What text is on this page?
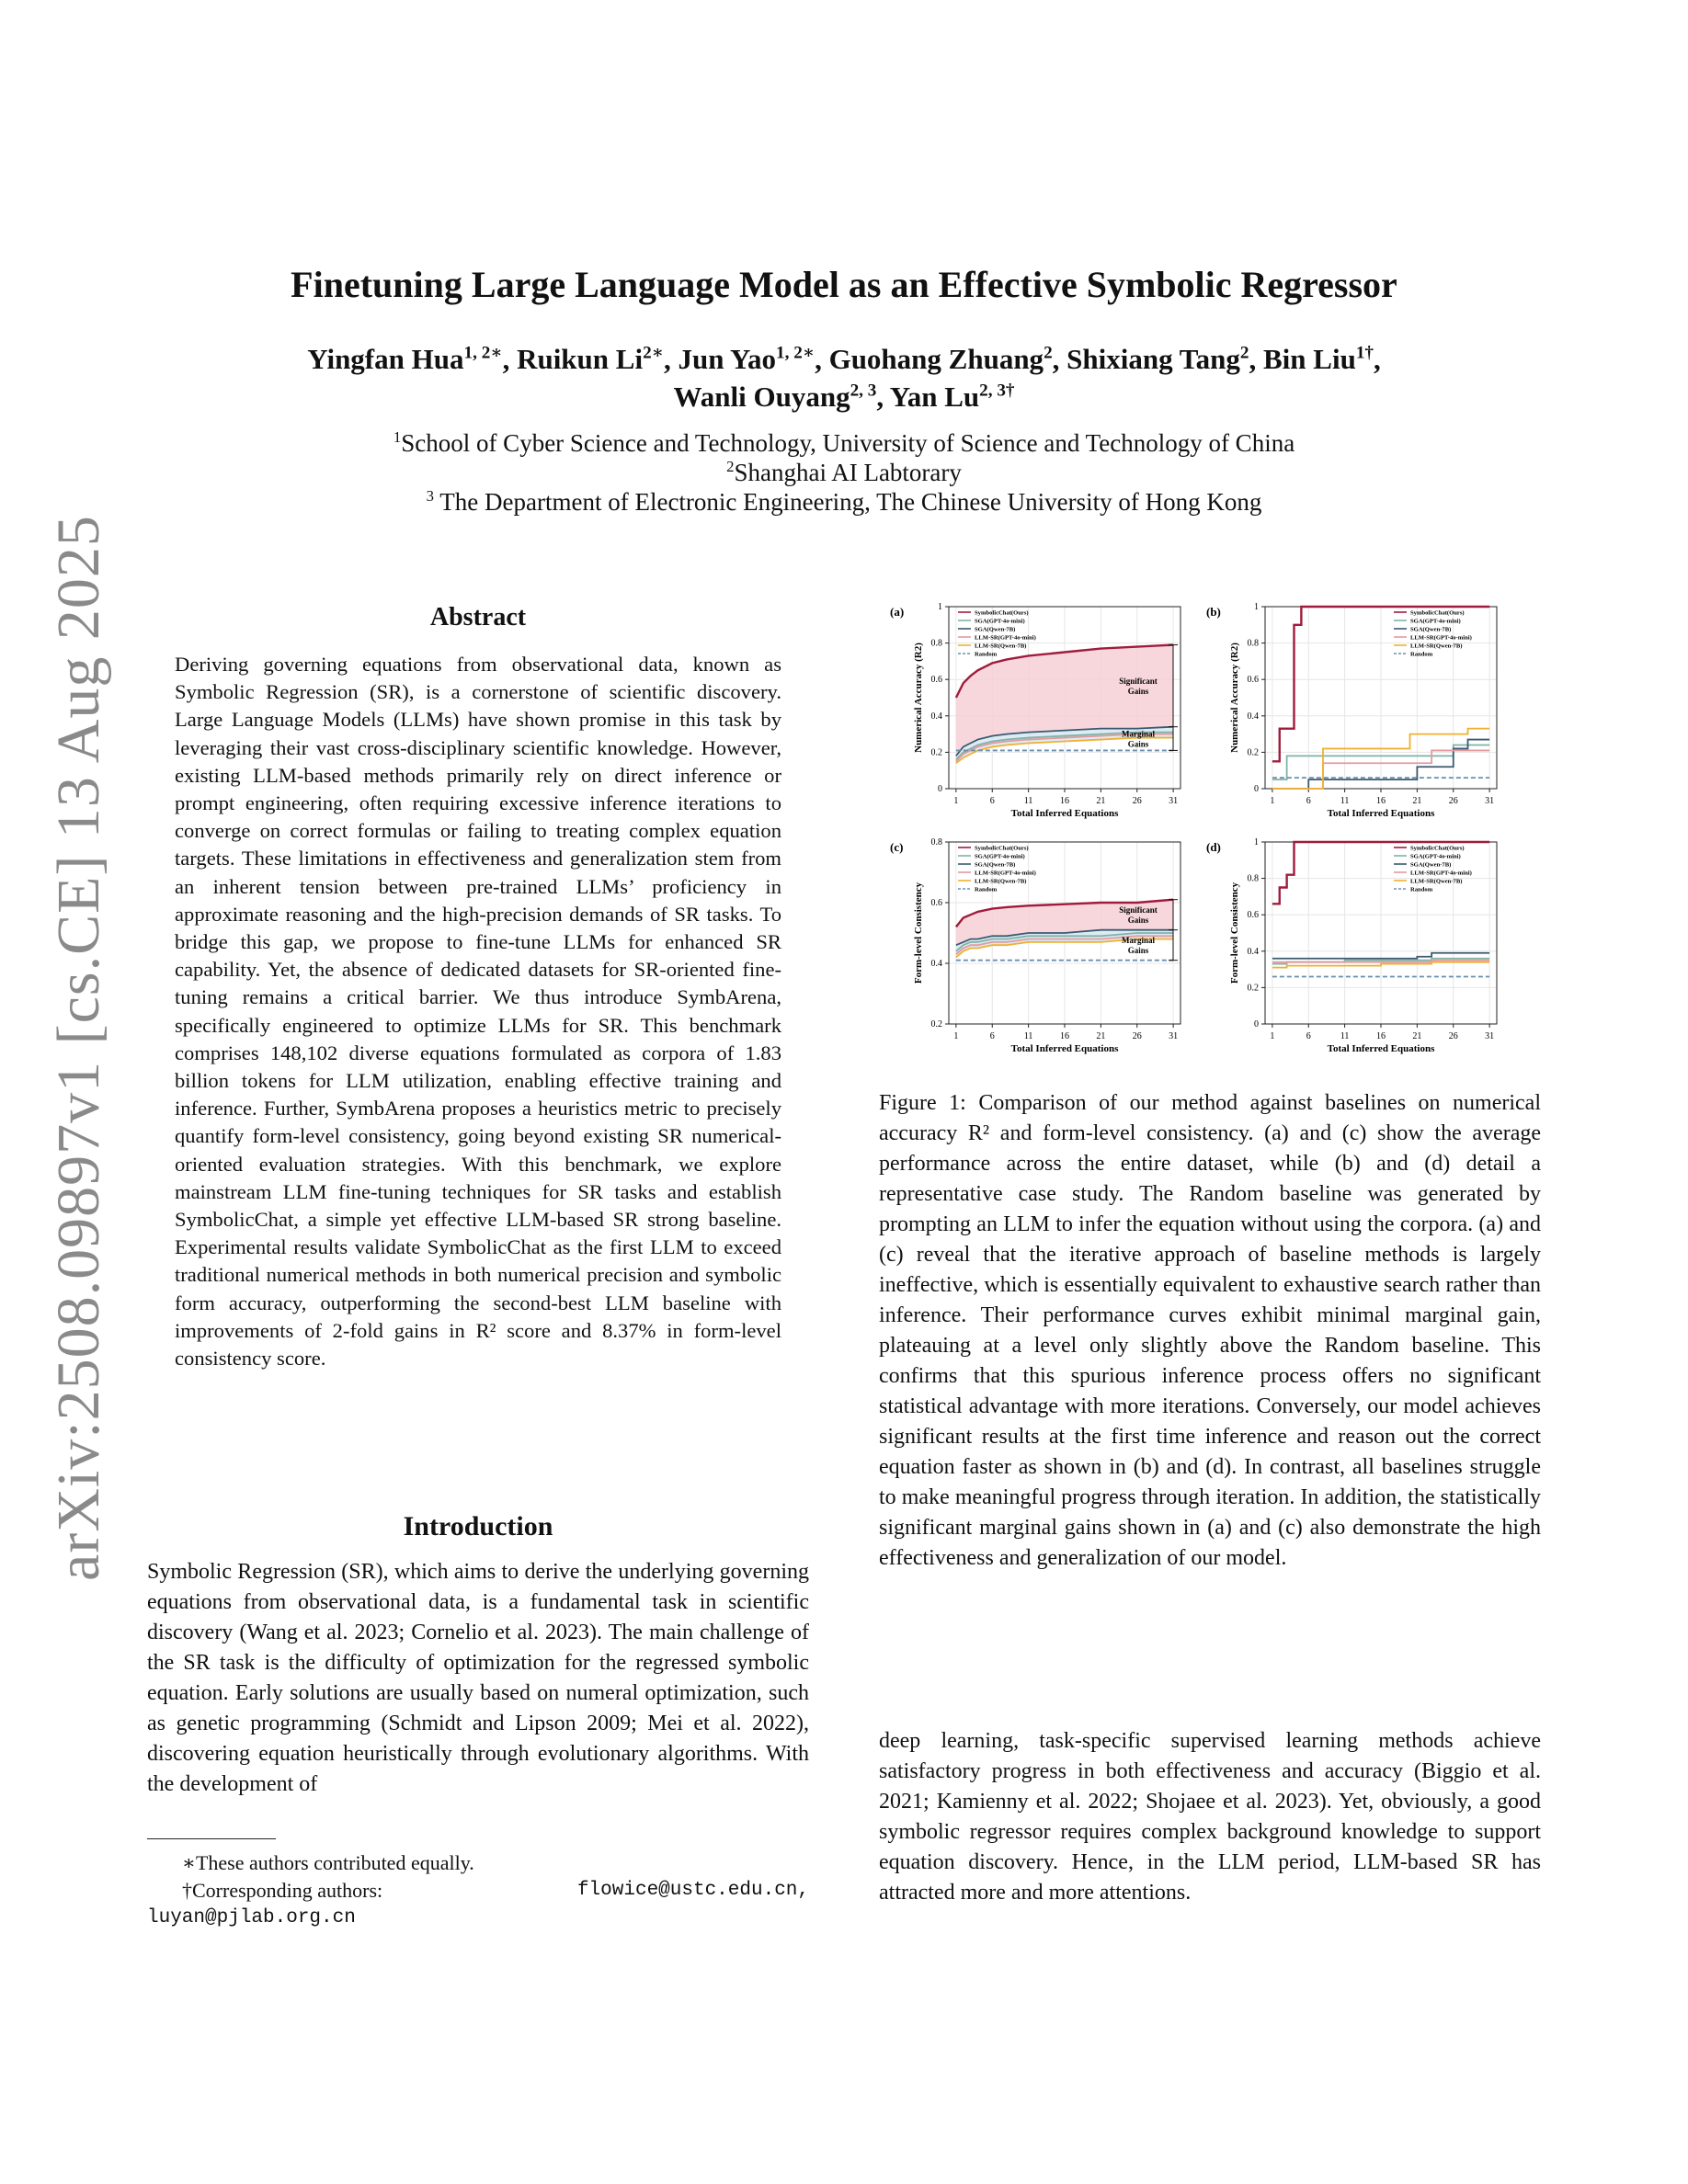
arXiv:2508.09897v1 [cs.CE] 13 Aug 2025
Finetuning Large Language Model as an Effective Symbolic Regressor
Yingfan Hua$^{1, 2∗}$, Ruikun $Li^{2∗}$, Jun Yao$^{1, 2∗}$, Guohang Zhuang$^2$, Shixiang Tang$^2$, Bin Liu$^{1\dagger}$,
Wanli Ouyang$^{2, 3}$, Yan $Lu^{2, 3\dagger}$
$^1$School of Cyber Science and Technology, University of Science and Technology of China
$^2$Shanghai AI Labtorary
$^3$ The Department of Electronic Engineering, The Chinese University of Hong Kong
Abstract

Deriving governing equations from observational data, known as Symbolic Regression (SR), is a cornerstone of scientific discovery. Large Language Models (LLMs) have shown promise in this task by leveraging their vast cross-disciplinary scientific knowledge. However, existing LLM-based methods primarily rely on direct inference or prompt engineering, often requiring excessive inference iterations to converge on correct formulas or failing to treating complex equation targets. These limitations in effectiveness and generalization stem from an inherent tension between pre-trained LLMs’ proficiency in approximate reasoning and the high-precision demands of SR tasks. To bridge this gap, we propose to fine-tune LLMs for enhanced SR capability. Yet, the absence of dedicated datasets for SR-oriented fine-tuning remains a critical barrier. We thus introduce SymbArena, specifically engineered to optimize LLMs for SR. This benchmark comprises 148,102 diverse equations formulated as corpora of 1.83 billion tokens for LLM utilization, enabling effective training and inference. Further, SymbArena proposes a heuristics metric to precisely quantify form-level consistency, going beyond existing SR numerical-oriented evaluation strategies. With this benchmark, we explore mainstream LLM fine-tuning techniques for SR tasks and establish SymbolicChat, a simple yet effective LLM-based SR strong baseline. Experimental results validate SymbolicChat as the first LLM to exceed traditional numerical methods in both numerical precision and symbolic form accuracy, outperforming the second-best LLM baseline with improvements of 2-fold gains in R² score and 8.37% in form-level consistency score.

Introduction

Symbolic Regression (SR), which aims to derive the underlying governing equations from observational data, is a fundamental task in scientific discovery (Wang et al. 2023; Cornelio et al. 2023). The main challenge of the SR task is the difficulty of optimization for the regressed symbolic equation. Early solutions are usually based on numeral optimization, such as genetic programming (Schmidt and Lipson 2009; Mei et al. 2022), discovering equation heuristically through evolutionary algorithms. With the development of

∗These authors contributed equally.
†Corresponding authors:	flowice@ustc.edu.cn,
luyan@pjlab.org.cn
(a)
1	6	11	16	21	26	31
0
0.2
0.4
0.6
0.8
1
Total Inferred Equations
Numerical Accuracy (R2)
SymbolicChat(Ours)
SGA(GPT-4o-mini)
SGA(Qwen-7B)
LLM-SR(GPT-4o-mini)
LLM-SR(Qwen-7B)
Random
Significant
Gains
Marginal
Gains
(b)
1	6	11	16	21	26	31
0
0.2
0.4
0.6
0.8
1
Total Inferred Equations
Numerical Accuracy (R2)
SymbolicChat(Ours)
SGA(GPT-4o-mini)
SGA(Qwen-7B)
LLM-SR(GPT-4o-mini)
LLM-SR(Qwen-7B)
Random
(c)
1	6	11	16	21	26	31
0.2
0.4
0.6
0.8
Total Inferred Equations
Form-level Consistency
SymbolicChat(Ours)
SGA(GPT-4o-mini)
SGA(Qwen-7B)
LLM-SR(GPT-4o-mini)
LLM-SR(Qwen-7B)
Random
Significant
Gains
Marginal
Gains
(d)
1	6	11	16	21	26	31
0
0.2
0.4
0.6
0.8
1
Total Inferred Equations
Form-level Consistency
SymbolicChat(Ours)
SGA(GPT-4o-mini)
SGA(Qwen-7B)
LLM-SR(GPT-4o-mini)
LLM-SR(Qwen-7B)
Random

Figure 1: Comparison of our method against baselines on numerical accuracy R² and form-level consistency. (a) and (c) show the average performance across the entire dataset, while (b) and (d) detail a representative case study. The Random baseline was generated by prompting an LLM to infer the equation without using the corpora. (a) and (c) reveal that the iterative approach of baseline methods is largely ineffective, which is essentially equivalent to exhaustive search rather than inference. Their performance curves exhibit minimal marginal gain, plateauing at a level only slightly above the Random baseline. This confirms that this spurious inference process offers no significant statistical advantage with more iterations. Conversely, our model achieves significant results at the first time inference and reason out the correct equation faster as shown in (b) and (d). In contrast, all baselines struggle to make meaningful progress through iteration. In addition, the statistically significant marginal gains shown in (a) and (c) also demonstrate the high effectiveness and generalization of our model.

deep learning, task-specific supervised learning methods achieve satisfactory progress in both effectiveness and accuracy (Biggio et al. 2021; Kamienny et al. 2022; Shojaee et al. 2023). Yet, obviously, a good symbolic regressor requires complex background knowledge to support equation discovery. Hence, in the LLM period, LLM-based SR has attracted more and more attentions.
